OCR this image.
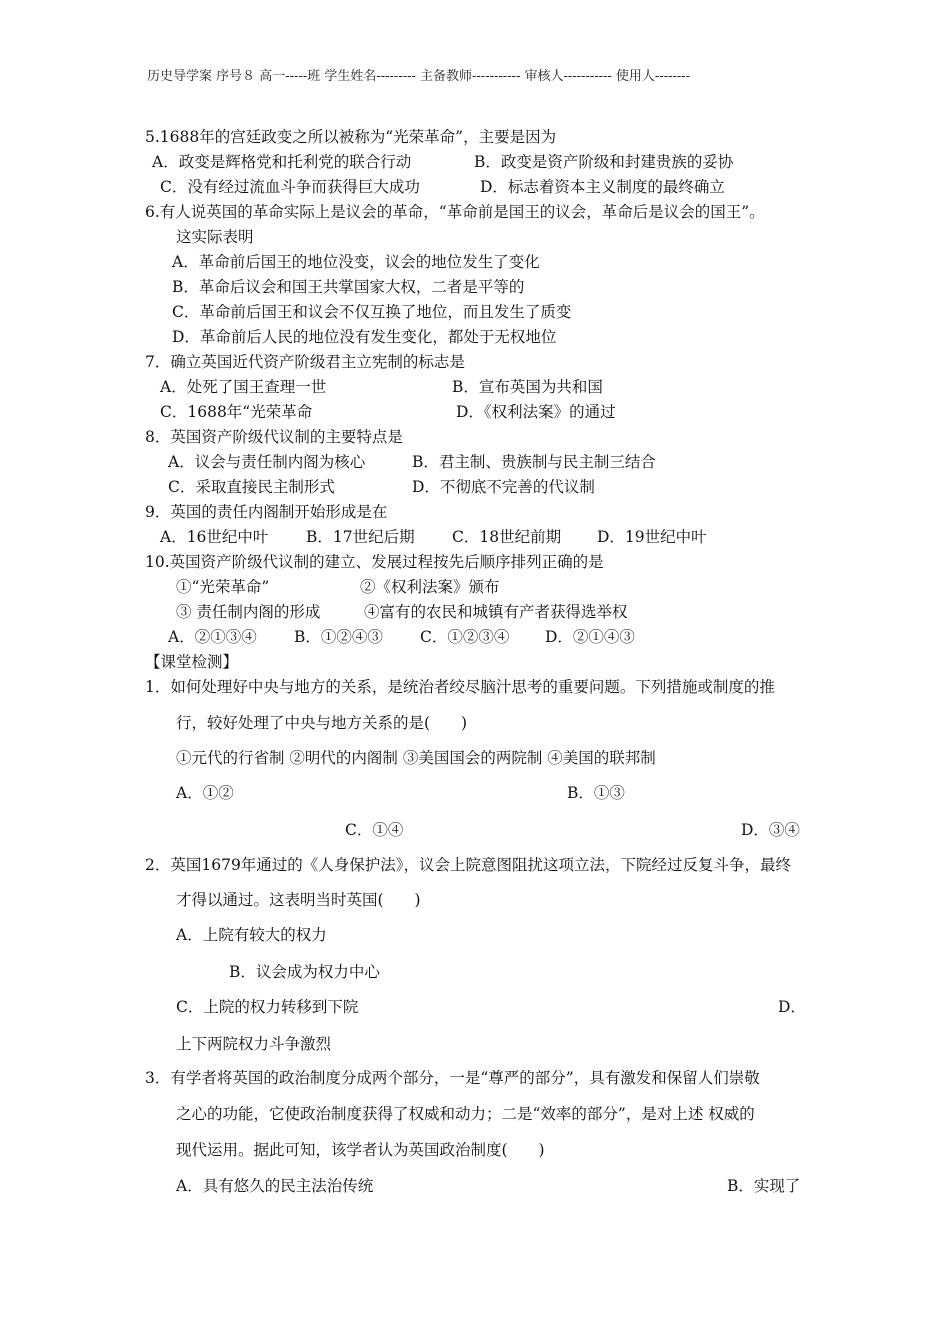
历史导学案 序号８ 高一-----班 学生姓名--------- 主备教师----------- 审核人----------- 使用人--------
5.1688年的宫廷政变之所以被称为“光荣革命”，主要是因为
A．政变是辉格党和托利党的联合行动	B．政变是资产阶级和封建贵族的妥协
C．没有经过流血斗争而获得巨大成功	D．标志着资本主义制度的最终确立
6.有人说英国的革命实际上是议会的革命，“革命前是国王的议会，革命后是议会的国王”。
这实际表明
A．革命前后国王的地位没变，议会的地位发生了变化
B．革命后议会和国王共掌国家大权，二者是平等的
C．革命前后国王和议会不仅互换了地位，而且发生了质变
D．革命前后人民的地位没有发生变化，都处于无权地位
7．确立英国近代资产阶级君主立宪制的标志是
A．处死了国王查理一世	B．宣布英国为共和国
C．1688年“光荣革命	D．《权利法案》的通过
8．英国资产阶级代议制的主要特点是
A．议会与责任制内阁为核心	B．君主制、贵族制与民主制三结合
C．采取直接民主制形式	D．不彻底不完善的代议制
9．英国的责任内阁制开始形成是在
A．16世纪中叶 B．17世纪后期 C．18世纪前期 D．19世纪中叶
10.英国资产阶级代议制的建立、发展过程按先后顺序排列正确的是
①“光荣革命”	②《权利法案》颁布
③ 责任制内阁的形成	④富有的农民和城镇有产者获得选举权
A．②①③④ B．①②④③ C．①②③④ D．②①④③
【课堂检测】
1．如何处理好中央与地方的关系，是统治者绞尽脑汁思考的重要问题。下列措施或制度的推
行，较好处理了中央与地方关系的是(　　)
①元代的行省制 ②明代的内阁制 ③美国国会的两院制 ④美国的联邦制
A．①②	B．①③
C．①④	D．③④
2．英国1679年通过的《人身保护法》，议会上院意图阻扰这项立法，下院经过反复斗争，最终
才得以通过。这表明当时英国(　　)
A．上院有较大的权力
B．议会成为权力中心
C．上院的权力转移到下院	D．
上下两院权力斗争激烈
3．有学者将英国的政治制度分成两个部分，一是“尊严的部分”，具有激发和保留人们崇敬
之心的功能，它使政治制度获得了权威和动力；二是“效率的部分”，是对上述 权威的
现代运用。据此可知，该学者认为英国政治制度(　　)
A．具有悠久的民主法治传统	B．实现了
